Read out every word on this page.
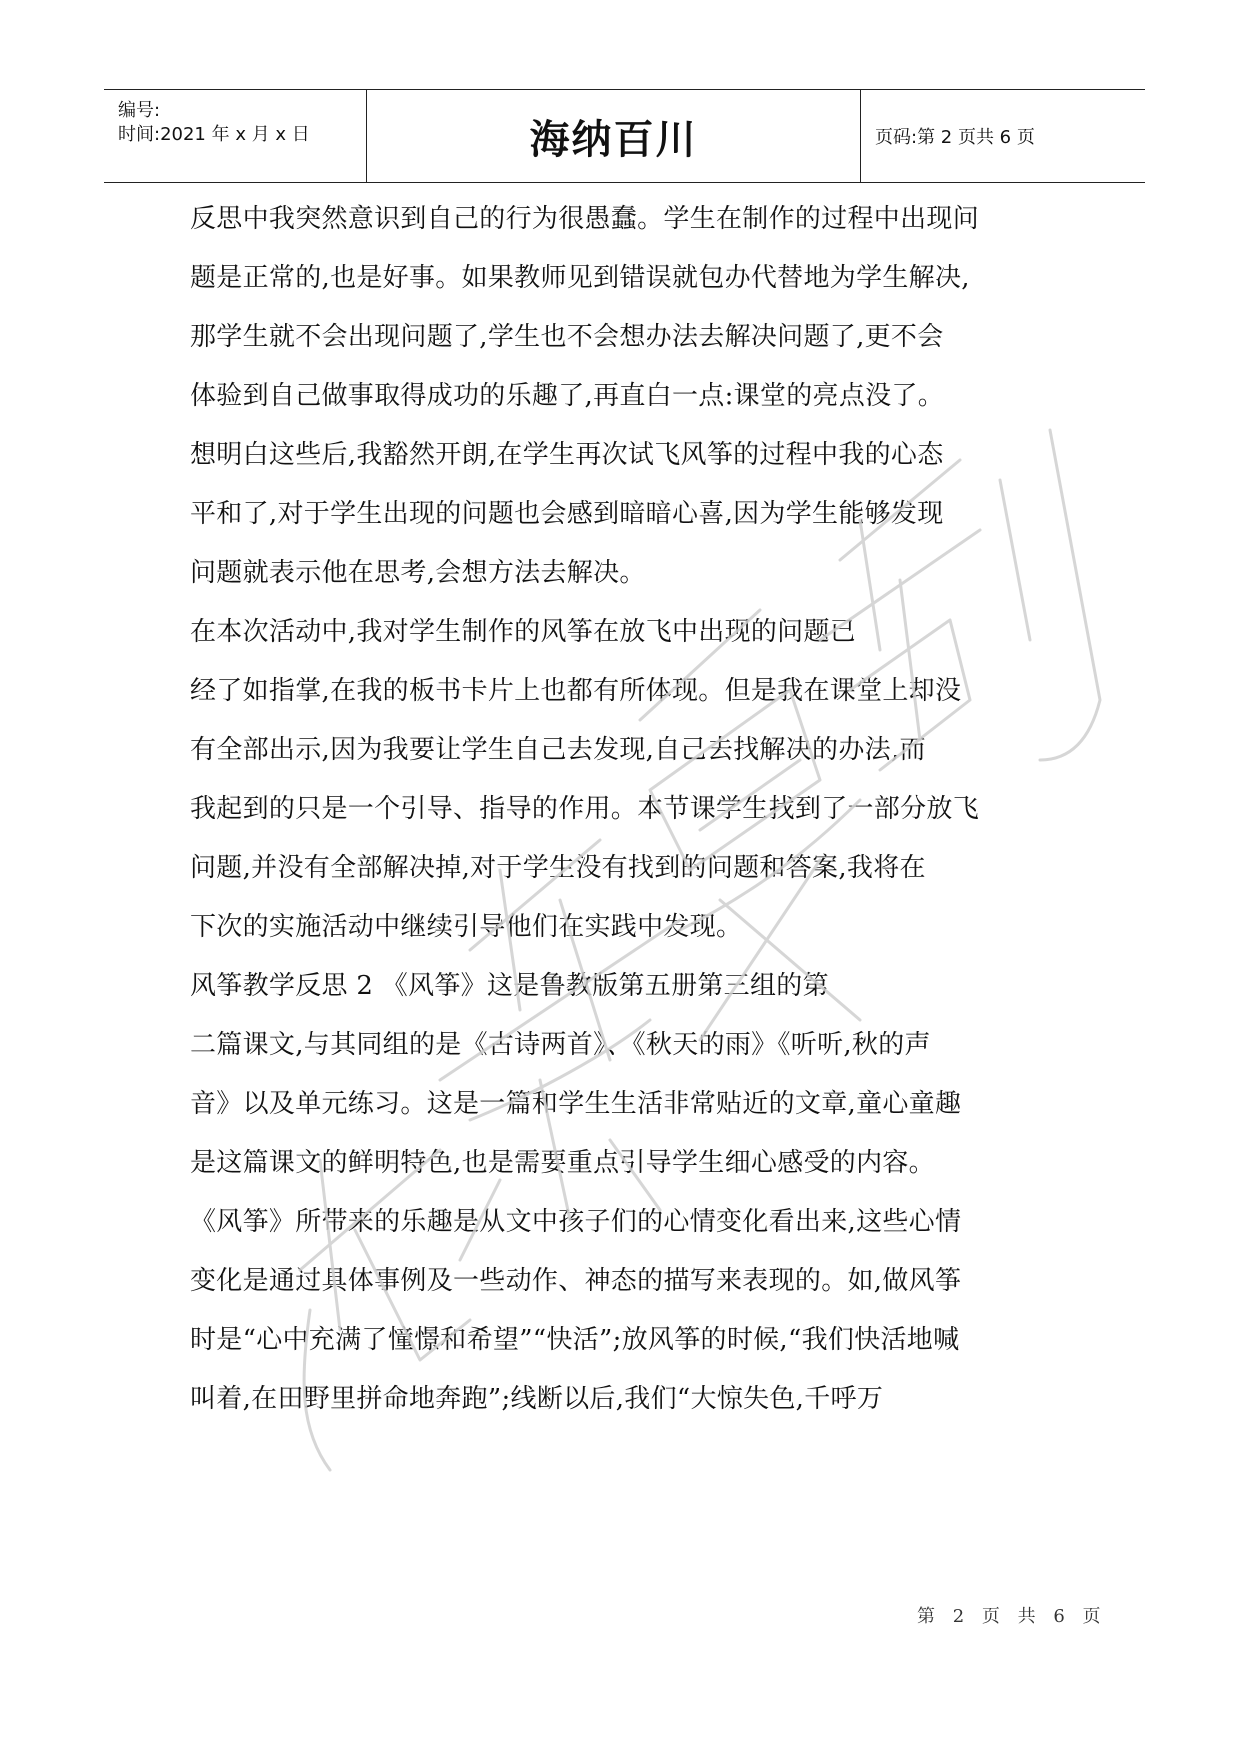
编号:
时间:2021 年 x 月 x 日	海纳百川	页码:第 2 页共 6 页
反思中我突然意识到自己的行为很愚蠢。学生在制作的过程中出现问
题是正常的,也是好事。如果教师见到错误就包办代替地为学生解决,
那学生就不会出现问题了,学生也不会想办法去解决问题了,更不会
体验到自己做事取得成功的乐趣了,再直白一点:课堂的亮点没了。
想明白这些后,我豁然开朗,在学生再次试飞风筝的过程中我的心态
平和了,对于学生出现的问题也会感到暗暗心喜,因为学生能够发现
问题就表示他在思考,会想方法去解决。
在本次活动中,我对学生制作的风筝在放飞中出现的问题已
经了如指掌,在我的板书卡片上也都有所体现。但是我在课堂上却没
有全部出示,因为我要让学生自己去发现,自己去找解决的办法,而
我起到的只是一个引导、指导的作用。本节课学生找到了一部分放飞
问题,并没有全部解决掉,对于学生没有找到的问题和答案,我将在
下次的实施活动中继续引导他们在实践中发现。
风筝教学反思 2 《风筝》这是鲁教版第五册第三组的第
二篇课文,与其同组的是《古诗两首》、《秋天的雨》《听听,秋的声
音》以及单元练习。这是一篇和学生生活非常贴近的文章,童心童趣
是这篇课文的鲜明特色,也是需要重点引导学生细心感受的内容。
《风筝》所带来的乐趣是从文中孩子们的心情变化看出来,这些心情
变化是通过具体事例及一些动作、神态的描写来表现的。如,做风筝
时是“心中充满了憧憬和希望”“快活”;放风筝的时候,“我们快活地喊
叫着,在田野里拼命地奔跑”;线断以后,我们“大惊失色,千呼万
第 2 页 共 6 页
